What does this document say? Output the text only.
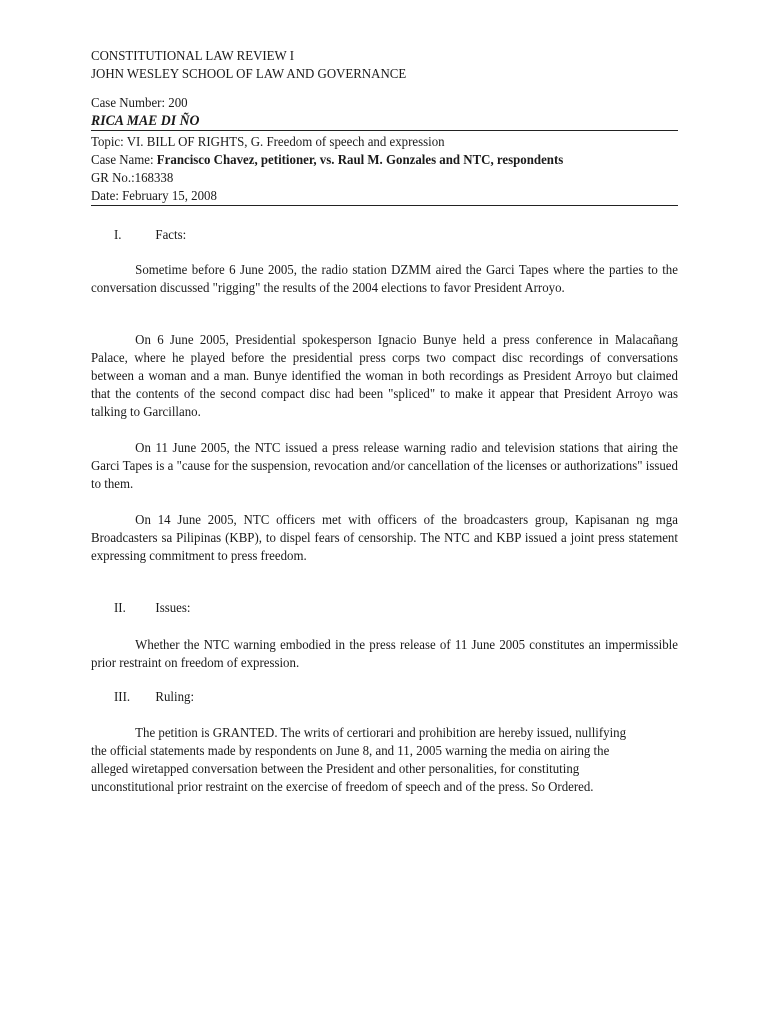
CONSTITUTIONAL LAW REVIEW I
JOHN WESLEY SCHOOL OF LAW AND GOVERNANCE
Case Number: 200
RICA MAE DI ÑO
Topic: VI. BILL OF RIGHTS, G. Freedom of speech and expression
Case Name: Francisco Chavez, petitioner, vs. Raul M. Gonzales and NTC, respondents
GR No.:168338
Date: February 15, 2008
I. Facts:

Sometime before 6 June 2005, the radio station DZMM aired the Garci Tapes where the parties to the conversation discussed "rigging" the results of the 2004 elections to favor President Arroyo.

On 6 June 2005, Presidential spokesperson Ignacio Bunye held a press conference in Malacañang Palace, where he played before the presidential press corps two compact disc recordings of conversations between a woman and a man. Bunye identified the woman in both recordings as President Arroyo but claimed that the contents of the second compact disc had been "spliced" to make it appear that President Arroyo was talking to Garcillano.

On 11 June 2005, the NTC issued a press release warning radio and television stations that airing the Garci Tapes is a "cause for the suspension, revocation and/or cancellation of the licenses or authorizations" issued to them.

On 14 June 2005, NTC officers met with officers of the broadcasters group, Kapisanan ng mga Broadcasters sa Pilipinas (KBP), to dispel fears of censorship. The NTC and KBP issued a joint press statement expressing commitment to press freedom.

II. Issues:

Whether the NTC warning embodied in the press release of 11 June 2005 constitutes an impermissible prior restraint on freedom of expression.

III. Ruling:

The petition is GRANTED. The writs of certiorari and prohibition are hereby issued, nullifying the official statements made by respondents on June 8, and 11, 2005 warning the media on airing the alleged wiretapped conversation between the President and other personalities, for constituting unconstitutional prior restraint on the exercise of freedom of speech and of the press. So Ordered.
